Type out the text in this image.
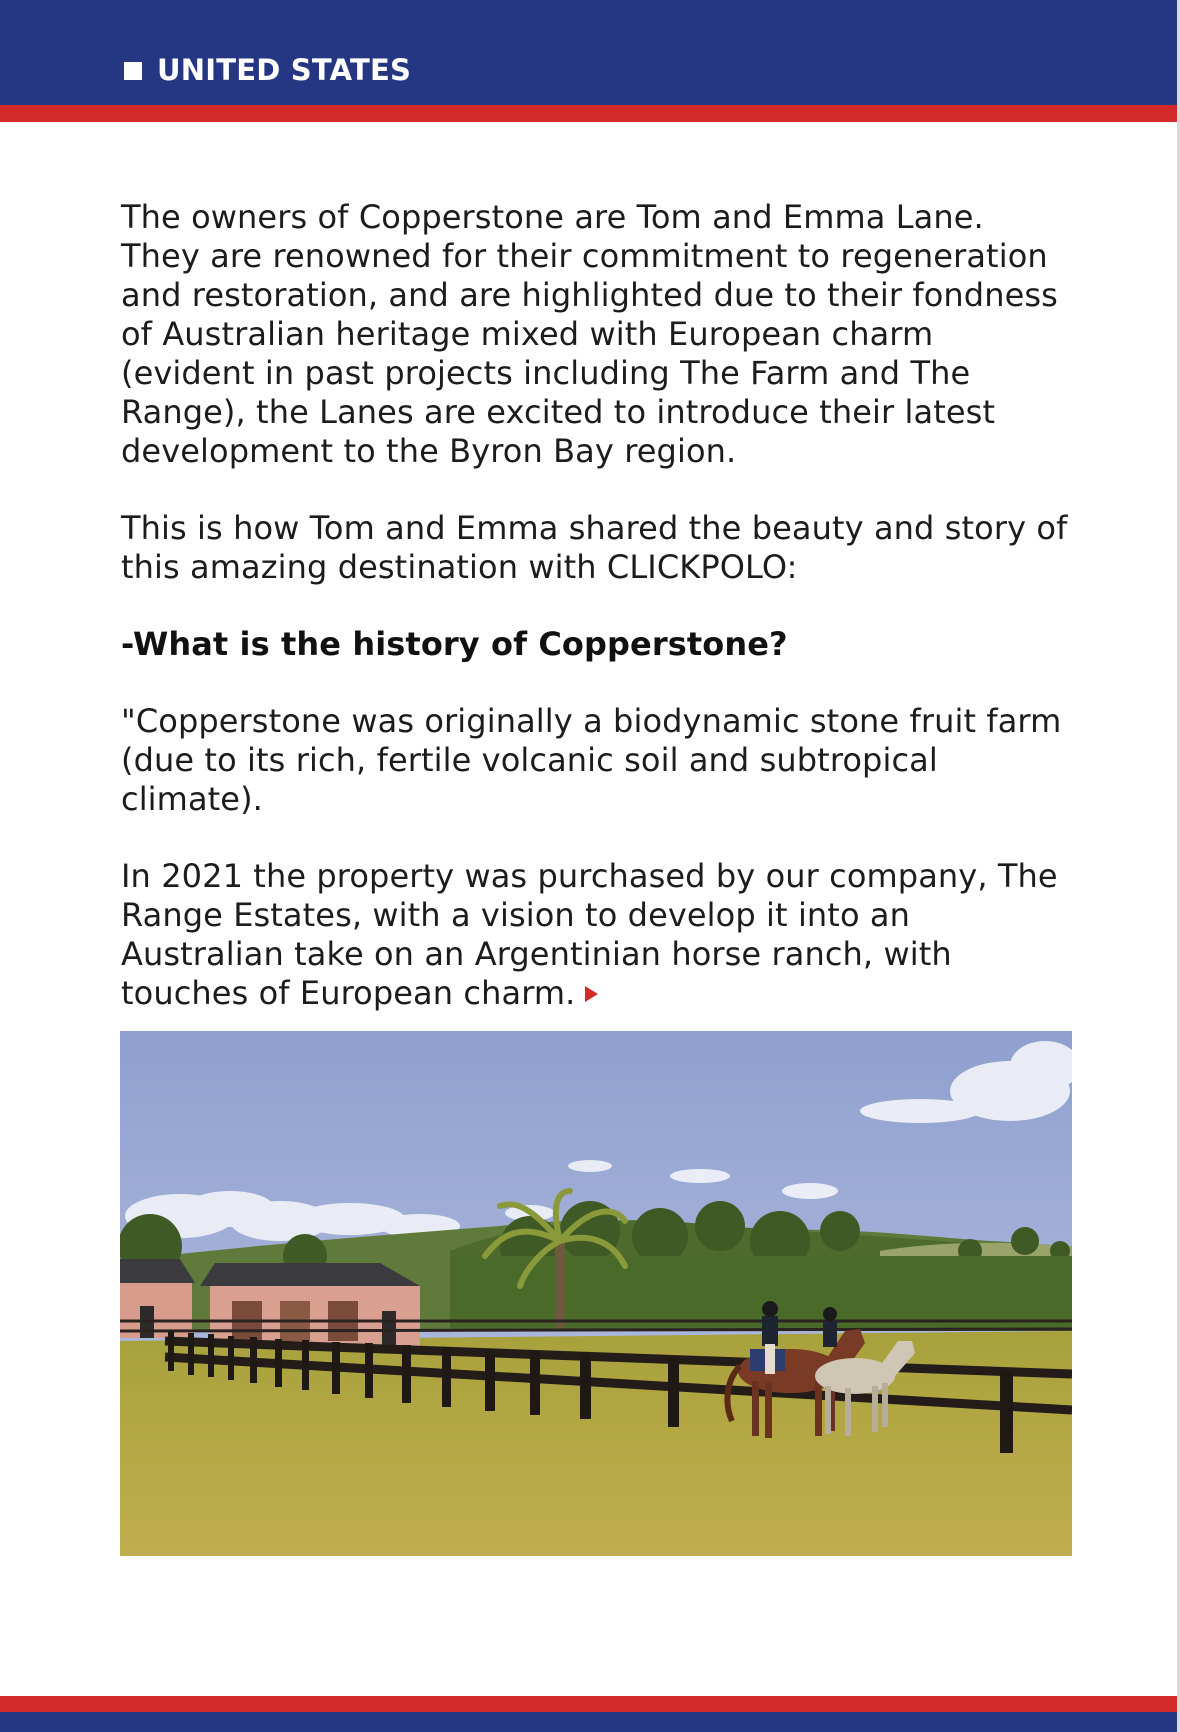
UNITED STATES

The owners of Copperstone are Tom and Emma Lane. They are renowned for their commitment to regeneration and restoration, and are highlighted due to their fondness of Australian heritage mixed with European charm (evident in past projects including The Farm and The Range), the Lanes are excited to introduce their latest development to the Byron Bay region.

This is how Tom and Emma shared the beauty and story of this amazing destination with CLICKPOLO:

-What is the history of Copperstone?

"Copperstone was originally a biodynamic stone fruit farm (due to its rich, fertile volcanic soil and subtropical climate).

In 2021 the property was purchased by our company, The Range Estates, with a vision to develop it into an Australian take on an Argentinian horse ranch, with touches of European charm.
